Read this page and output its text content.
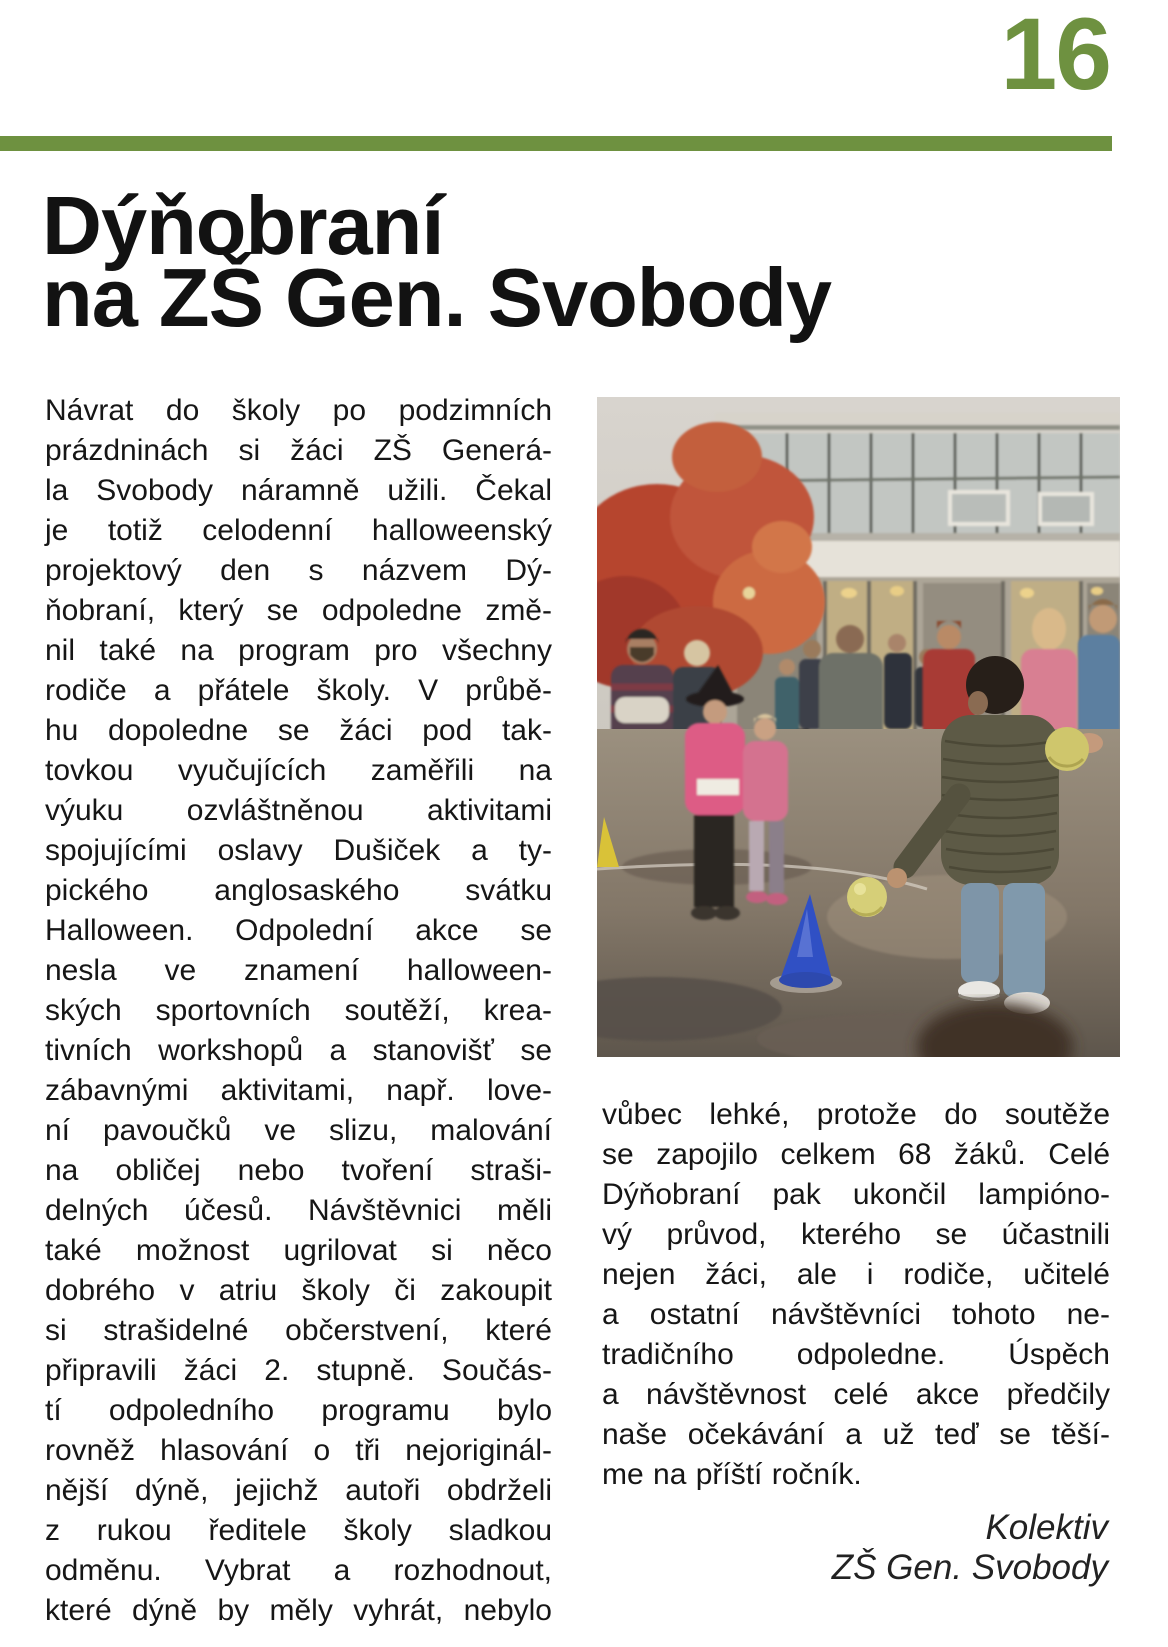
16
Dýňobraní
na ZŠ Gen. Svobody
Návrat do školy po podzimních
prázdninách si žáci ZŠ Generá-
la Svobody náramně užili. Čekal
je totiž celodenní halloweenský
projektový den s názvem Dý-
ňobraní, který se odpoledne změ-
nil také na program pro všechny
rodiče a přátele školy. V průbě-
hu dopoledne se žáci pod tak-
tovkou vyučujících zaměřili na
výuku ozvláštněnou aktivitami
spojujícími oslavy Dušiček a ty-
pického anglosaského svátku
Halloween. Odpolední akce se
nesla ve znamení halloween-
ských sportovních soutěží, krea-
tivních workshopů a stanovišť se
zábavnými aktivitami, např. love-
ní pavoučků ve slizu, malování
na obličej nebo tvoření straši-
delných účesů. Návštěvnici měli
také možnost ugrilovat si něco
dobrého v atriu školy či zakoupit
si strašidelné občerstvení, které
připravili žáci 2. stupně. Součás-
tí odpoledního programu bylo
rovněž hlasování o tři nejoriginál-
nější dýně, jejichž autoři obdrželi
z rukou ředitele školy sladkou
odměnu. Vybrat a rozhodnout,
které dýně by měly vyhrát, nebylo
vůbec lehké, protože do soutěže
se zapojilo celkem 68 žáků. Celé
Dýňobraní pak ukončil lampióno-
vý průvod, kterého se účastnili
nejen žáci, ale i rodiče, učitelé
a ostatní návštěvníci tohoto ne-
tradičního odpoledne. Úspěch
a návštěvnost celé akce předčily
naše očekávání a už teď se těší-
me na příští ročník.
Kolektiv
ZŠ Gen. Svobody
